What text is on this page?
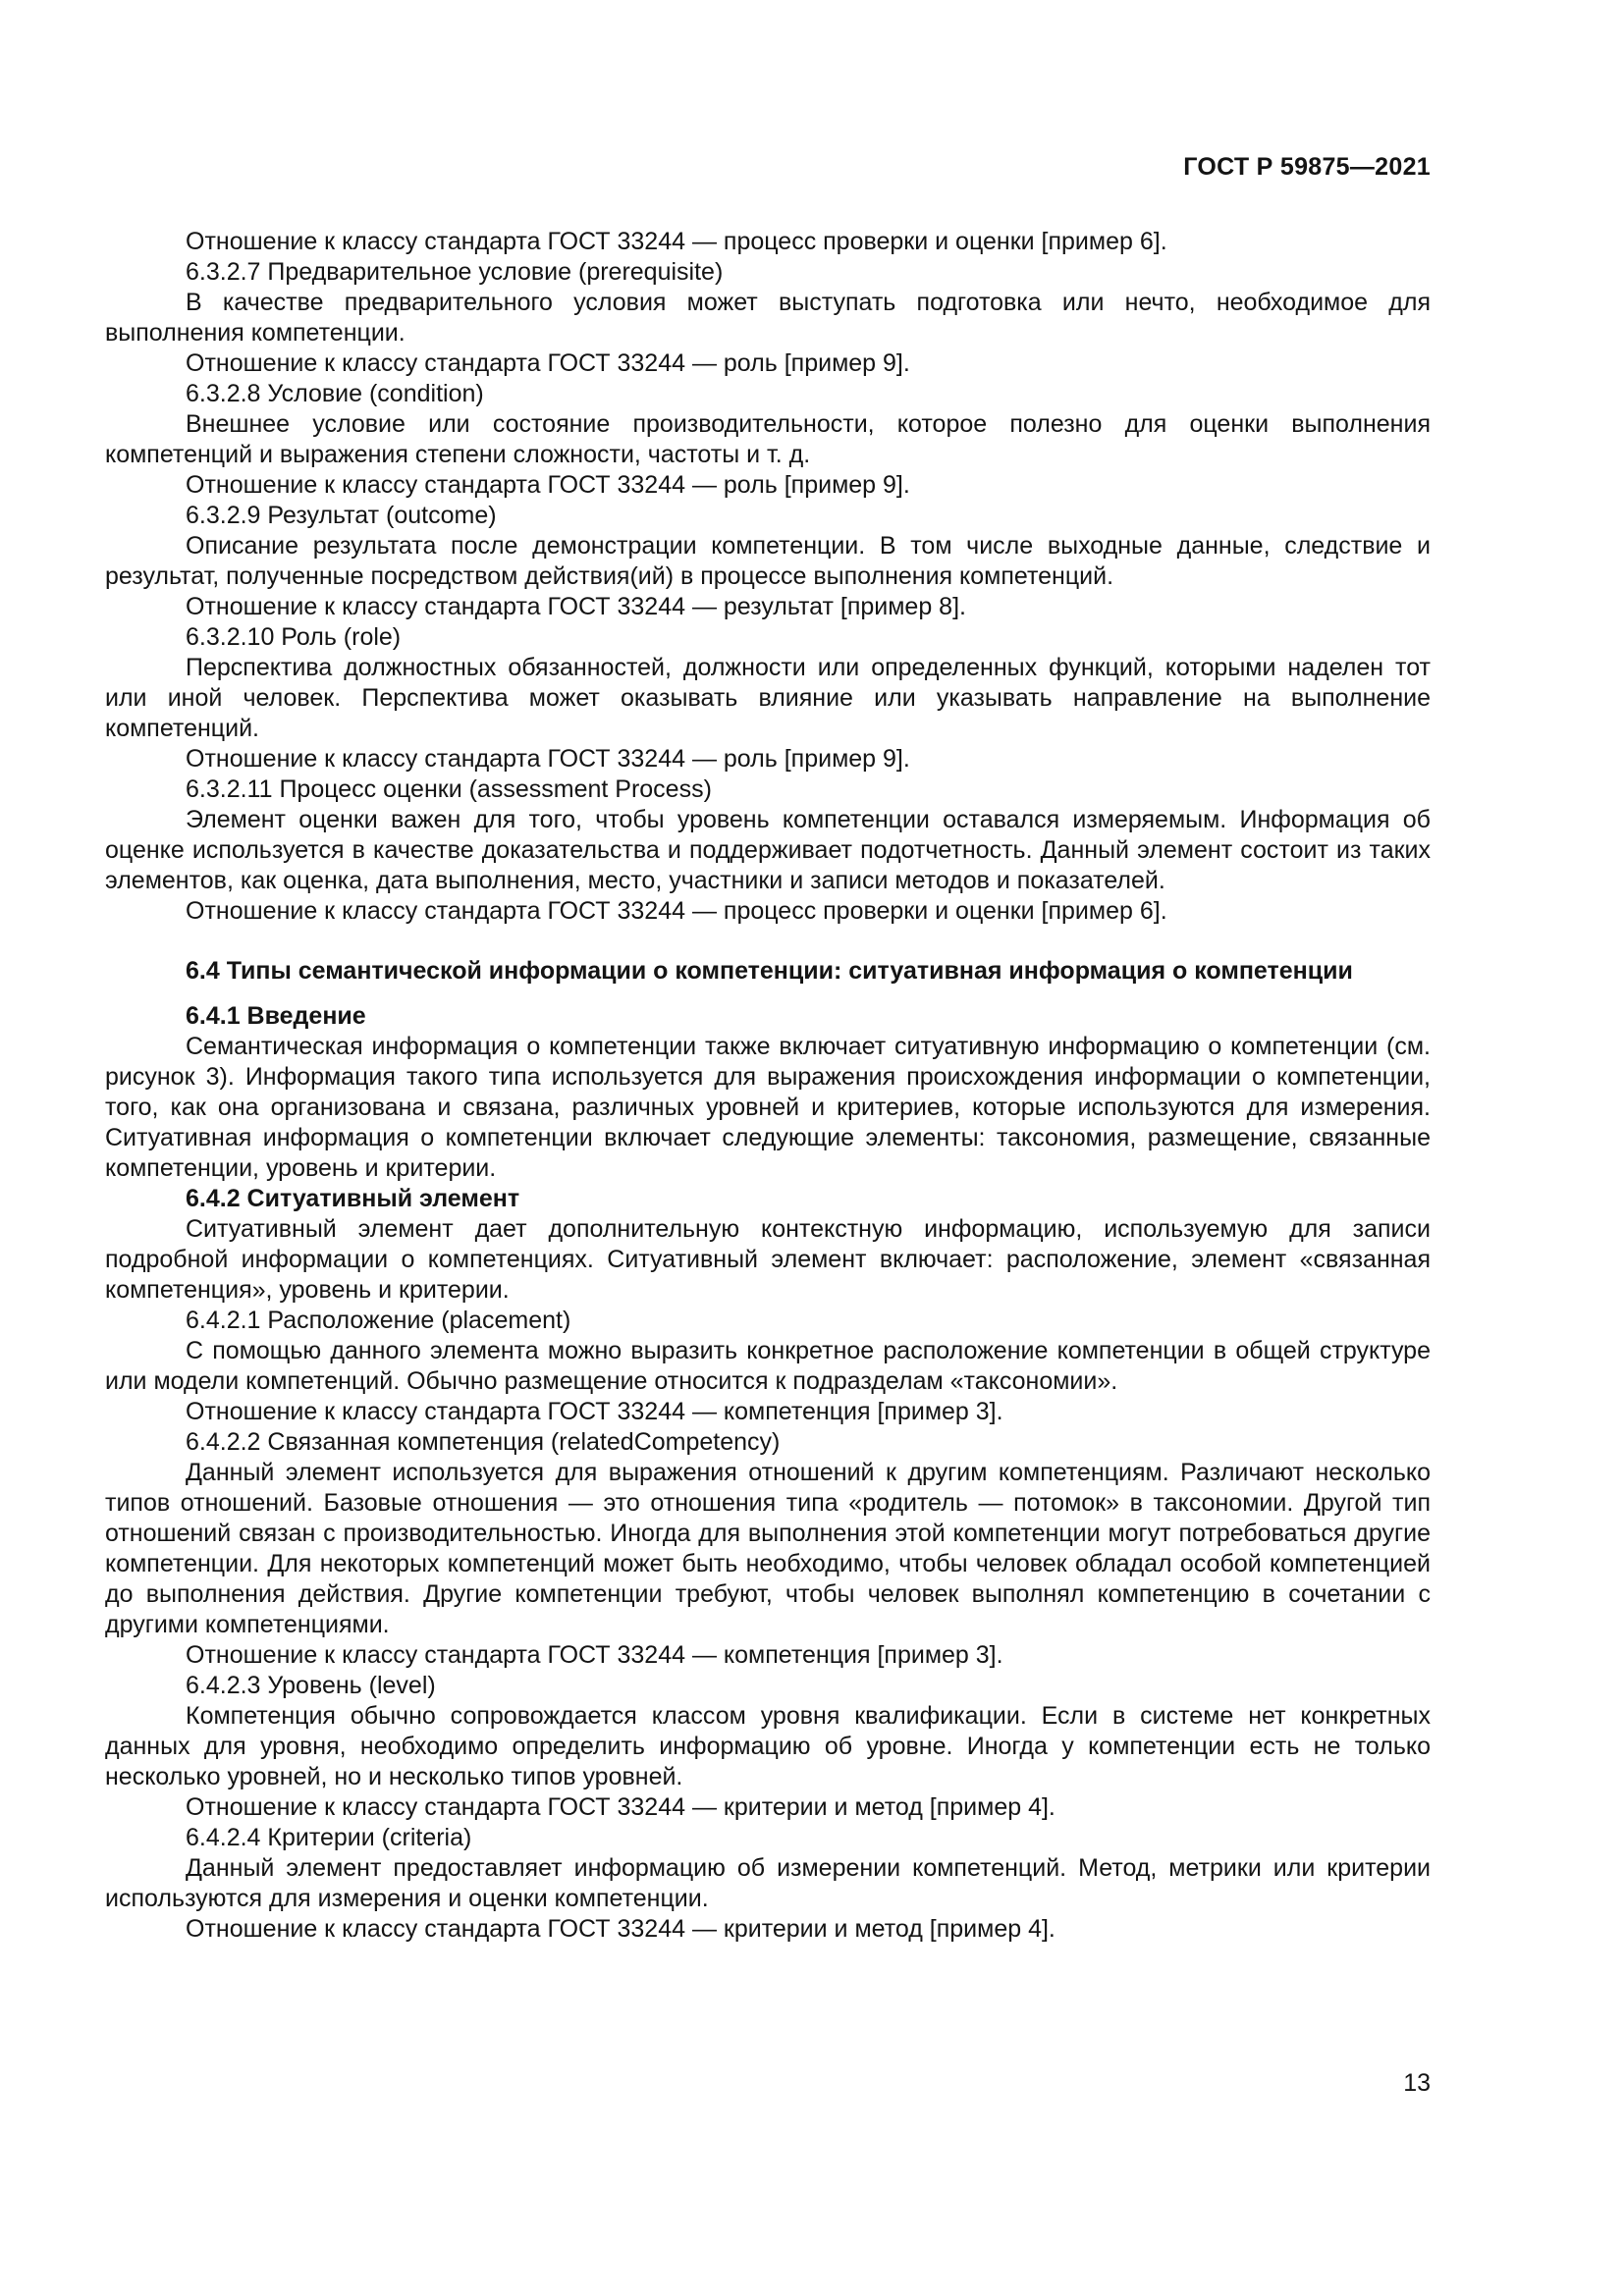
ГОСТ Р 59875—2021

Отношение к классу стандарта ГОСТ 33244 — процесс проверки и оценки [пример 6].

6.3.2.7 Предварительное условие (prerequisite)

В качестве предварительного условия может выступать подготовка или нечто, необходимое для выполнения компетенции.

Отношение к классу стандарта ГОСТ 33244 — роль [пример 9].

6.3.2.8 Условие (condition)

Внешнее условие или состояние производительности, которое полезно для оценки выполнения компетенций и выражения степени сложности, частоты и т. д.

Отношение к классу стандарта ГОСТ 33244 — роль [пример 9].

6.3.2.9 Результат (outcome)

Описание результата после демонстрации компетенции. В том числе выходные данные, следствие и результат, полученные посредством действия(ий) в процессе выполнения компетенций.

Отношение к классу стандарта ГОСТ 33244 — результат [пример 8].

6.3.2.10 Роль (role)

Перспектива должностных обязанностей, должности или определенных функций, которыми наделен тот или иной человек. Перспектива может оказывать влияние или указывать направление на выполнение компетенций.

Отношение к классу стандарта ГОСТ 33244 — роль [пример 9].

6.3.2.11 Процесс оценки (assessment Process)

Элемент оценки важен для того, чтобы уровень компетенции оставался измеряемым. Информация об оценке используется в качестве доказательства и поддерживает подотчетность. Данный элемент состоит из таких элементов, как оценка, дата выполнения, место, участники и записи методов и показателей.

Отношение к классу стандарта ГОСТ 33244 — процесс проверки и оценки [пример 6].

6.4 Типы семантической информации о компетенции: ситуативная информация о компетенции

6.4.1 Введение

Семантическая информация о компетенции также включает ситуативную информацию о компетенции (см. рисунок 3). Информация такого типа используется для выражения происхождения информации о компетенции, того, как она организована и связана, различных уровней и критериев, которые используются для измерения. Ситуативная информация о компетенции включает следующие элементы: таксономия, размещение, связанные компетенции, уровень и критерии.

6.4.2 Ситуативный элемент

Ситуативный элемент дает дополнительную контекстную информацию, используемую для записи подробной информации о компетенциях. Ситуативный элемент включает: расположение, элемент «связанная компетенция», уровень и критерии.

6.4.2.1 Расположение (placement)

С помощью данного элемента можно выразить конкретное расположение компетенции в общей структуре или модели компетенций. Обычно размещение относится к подразделам «таксономии».

Отношение к классу стандарта ГОСТ 33244 — компетенция [пример 3].

6.4.2.2 Связанная компетенция (relatedCompetency)

Данный элемент используется для выражения отношений к другим компетенциям. Различают несколько типов отношений. Базовые отношения — это отношения типа «родитель — потомок» в таксономии. Другой тип отношений связан с производительностью. Иногда для выполнения этой компетенции могут потребоваться другие компетенции. Для некоторых компетенций может быть необходимо, чтобы человек обладал особой компетенцией до выполнения действия. Другие компетенции требуют, чтобы человек выполнял компетенцию в сочетании с другими компетенциями.

Отношение к классу стандарта ГОСТ 33244 — компетенция [пример 3].

6.4.2.3 Уровень (level)

Компетенция обычно сопровождается классом уровня квалификации. Если в системе нет конкретных данных для уровня, необходимо определить информацию об уровне. Иногда у компетенции есть не только несколько уровней, но и несколько типов уровней.

Отношение к классу стандарта ГОСТ 33244 — критерии и метод [пример 4].

6.4.2.4 Критерии (criteria)

Данный элемент предоставляет информацию об измерении компетенций. Метод, метрики или критерии используются для измерения и оценки компетенции.

Отношение к классу стандарта ГОСТ 33244 — критерии и метод [пример 4].

13
